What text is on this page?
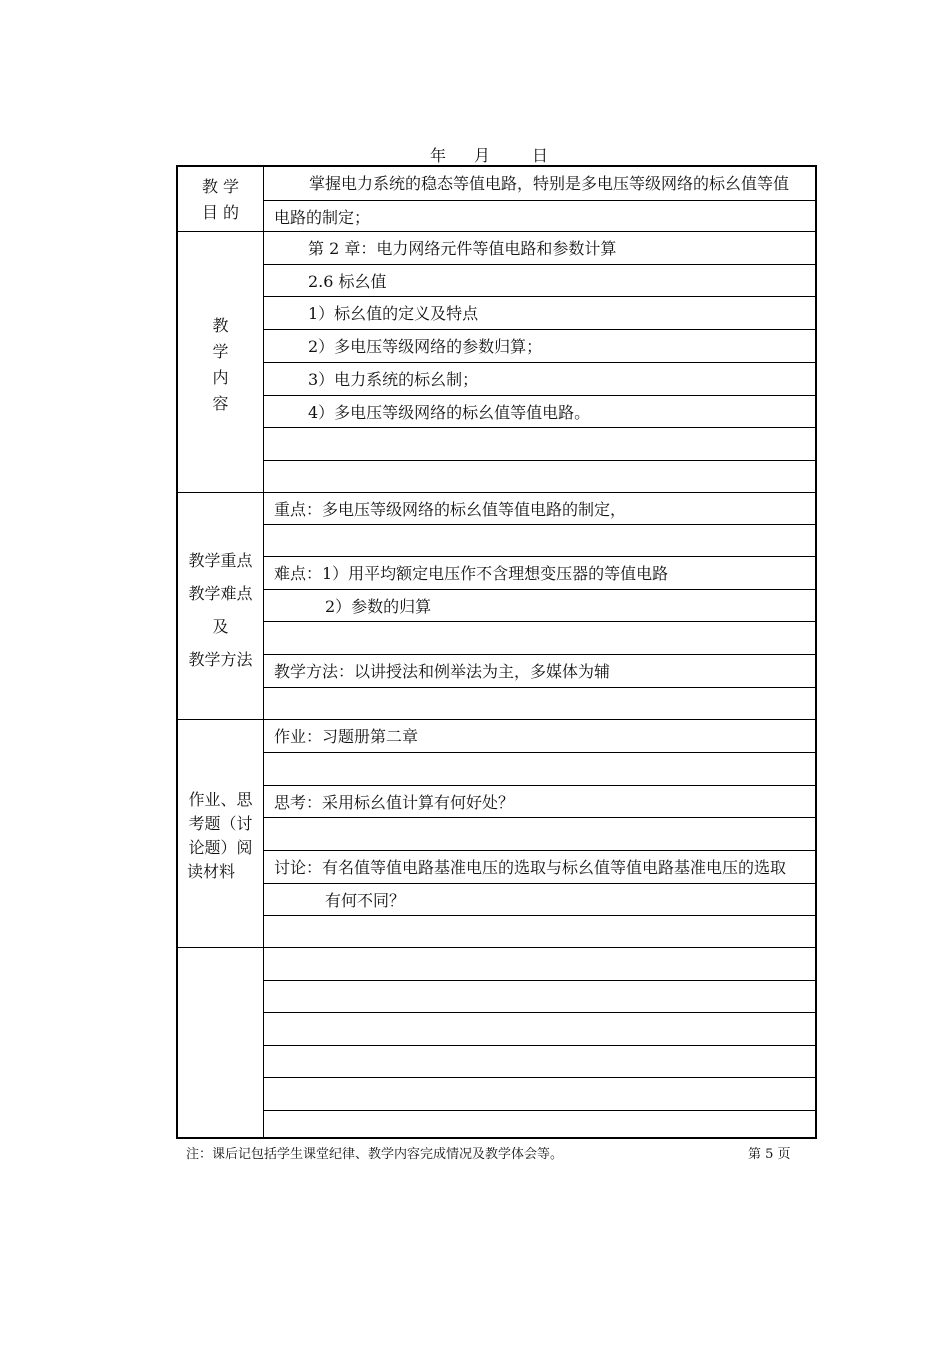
年 月	日
教 学
目 的
掌握电力系统的稳态等值电路，特别是多电压等级网络的标幺值等值
电路的制定；
教
学
内
容
第 2 章：电力网络元件等值电路和参数计算
2.6 标幺值
1）标幺值的定义及特点
2）多电压等级网络的参数归算；
3）电力系统的标幺制；
4）多电压等级网络的标幺值等值电路。
教学重点
教学难点
及
教学方法
重点：多电压等级网络的标幺值等值电路的制定，
难点：1）用平均额定电压作不含理想变压器的等值电路
2）参数的归算
教学方法：以讲授法和例举法为主，多媒体为辅
作业、思
考题（讨
论题）阅
读材料
作业：习题册第二章
思考：采用标幺值计算有何好处？
讨论：有名值等值电路基准电压的选取与标幺值等值电路基准电压的选取
有何不同？
注：课后记包括学生课堂纪律、教学内容完成情况及教学体会等。	第 5 页
